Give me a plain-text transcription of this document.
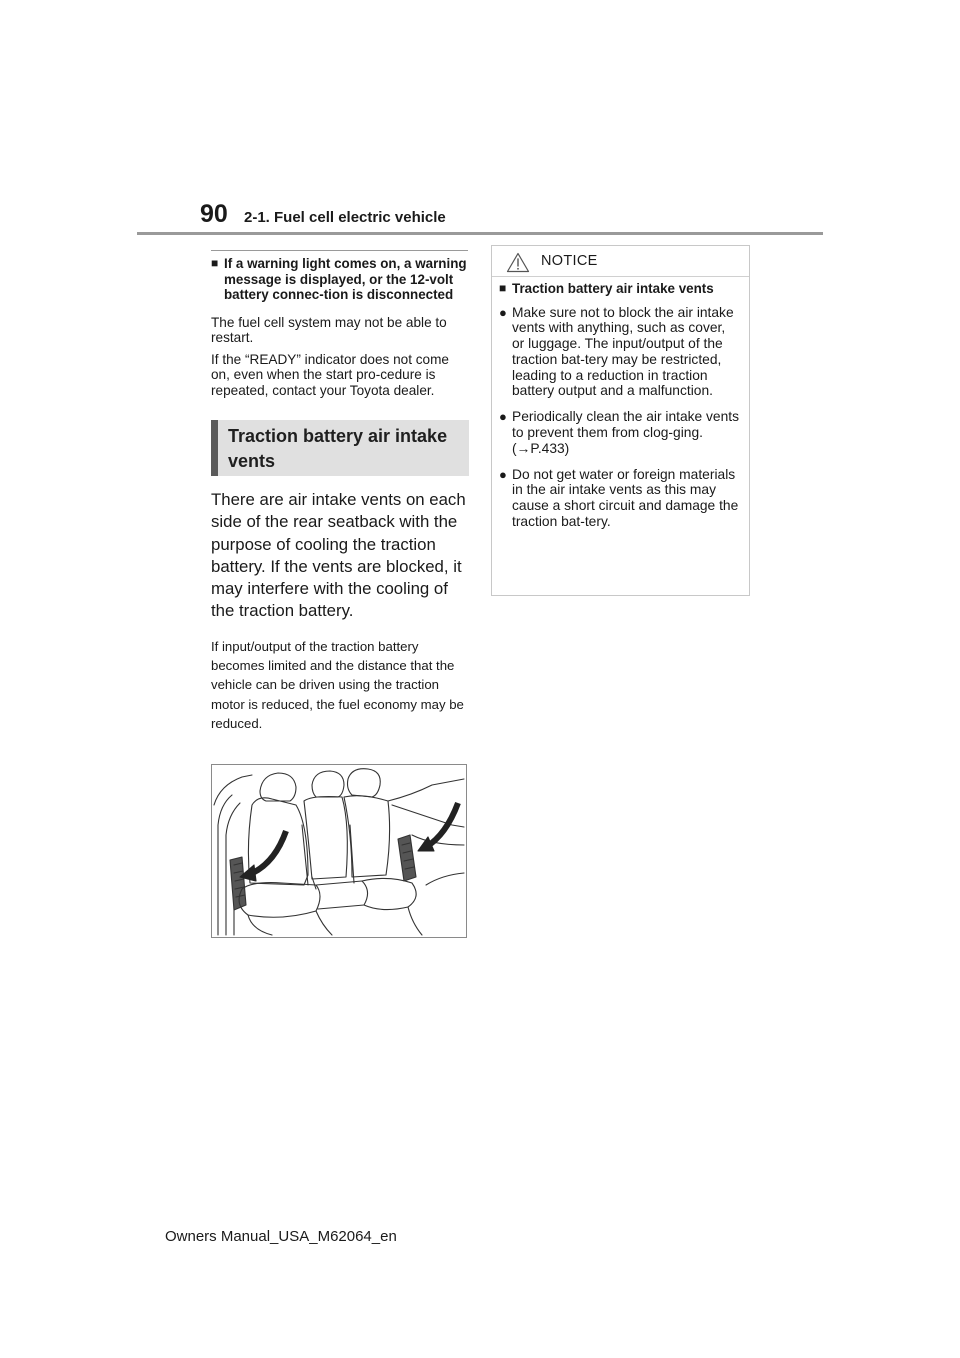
90 2-1. Fuel cell electric vehicle
■ If a warning light comes on, a warning message is displayed, or the 12-volt battery connec-tion is disconnected

The fuel cell system may not be able to restart.

If the “READY” indicator does not come on, even when the start pro-cedure is repeated, contact your Toyota dealer.

Traction battery air intake vents

There are air intake vents on each side of the rear seatback with the purpose of cooling the traction battery. If the vents are blocked, it may interfere with the cooling of the traction battery.

If input/output of the traction battery becomes limited and the distance that the vehicle can be driven using the traction motor is reduced, the fuel economy may be reduced.

NOTICE
■ Traction battery air intake vents
● Make sure not to block the air intake vents with anything, such as cover, or luggage. The input/output of the traction bat-tery may be restricted, leading to a reduction in traction battery output and a malfunction.
● Periodically clean the air intake vents to prevent them from clog-ging. (→P.433)
● Do not get water or foreign materials in the air intake vents as this may cause a short circuit and damage the traction bat-tery.
Owners Manual_USA_M62064_en
